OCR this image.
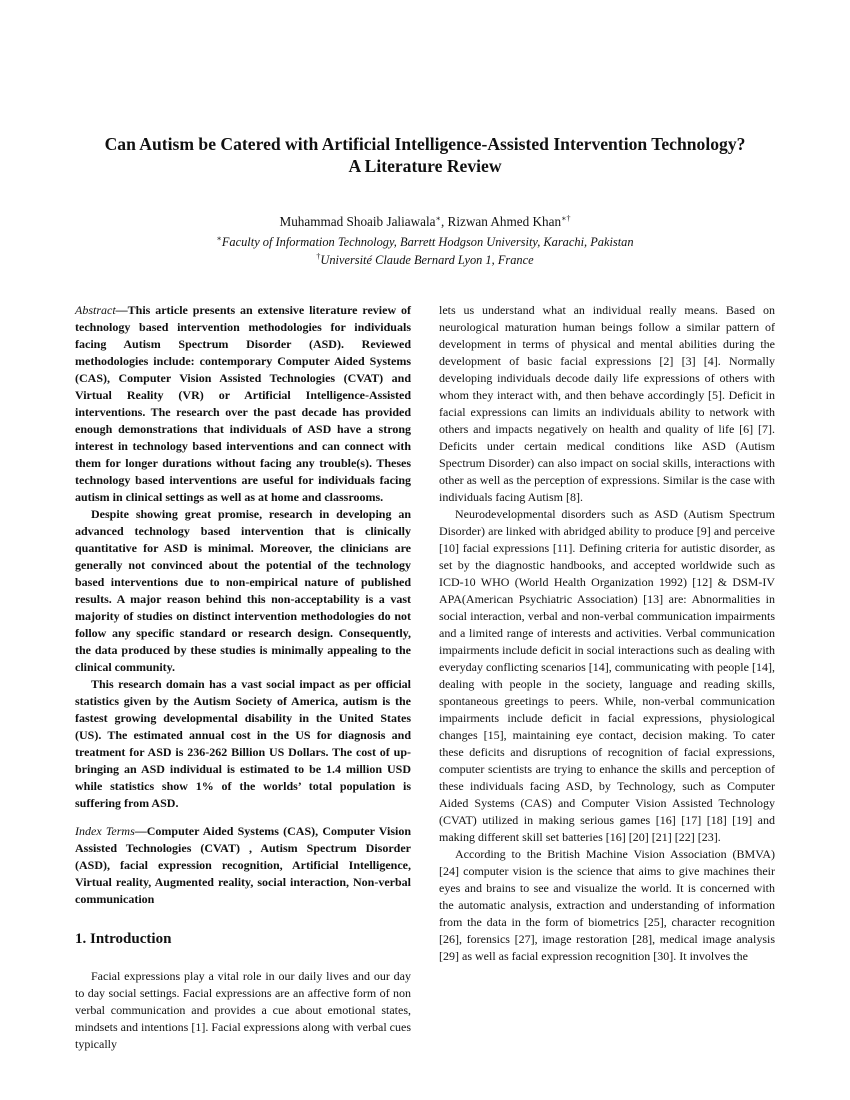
Can Autism be Catered with Artificial Intelligence-Assisted Intervention Technology? A Literature Review
Muhammad Shoaib Jaliawala∗, Rizwan Ahmed Khan∗†
∗Faculty of Information Technology, Barrett Hodgson University, Karachi, Pakistan
†Université Claude Bernard Lyon 1, France

Abstract—This article presents an extensive literature review of technology based intervention methodologies for individuals facing Autism Spectrum Disorder (ASD). Reviewed methodologies include: contemporary Computer Aided Systems (CAS), Computer Vision Assisted Technologies (CVAT) and Virtual Reality (VR) or Artificial Intelligence-Assisted interventions. The research over the past decade has provided enough demonstrations that individuals of ASD have a strong interest in technology based interventions and can connect with them for longer durations without facing any trouble(s). Theses technology based interventions are useful for individuals facing autism in clinical settings as well as at home and classrooms.

Despite showing great promise, research in developing an advanced technology based intervention that is clinically quantitative for ASD is minimal. Moreover, the clinicians are generally not convinced about the potential of the technology based interventions due to non-empirical nature of published results. A major reason behind this non-acceptability is a vast majority of studies on distinct intervention methodologies do not follow any specific standard or research design. Consequently, the data produced by these studies is minimally appealing to the clinical community.

This research domain has a vast social impact as per official statistics given by the Autism Society of America, autism is the fastest growing developmental disability in the United States (US). The estimated annual cost in the US for diagnosis and treatment for ASD is 236-262 Billion US Dollars. The cost of up-bringing an ASD individual is estimated to be 1.4 million USD while statistics show 1% of the worlds’ total population is suffering from ASD.

Index Terms—Computer Aided Systems (CAS), Computer Vision Assisted Technologies (CVAT) , Autism Spectrum Disorder (ASD), facial expression recognition, Artificial Intelligence, Virtual reality, Augmented reality, social interaction, Non-verbal communication

1. Introduction

Facial expressions play a vital role in our daily lives and our day to day social settings. Facial expressions are an affective form of non verbal communication and provides a cue about emotional states, mindsets and intentions [1]. Facial expressions along with verbal cues typically

lets us understand what an individual really means. Based on neurological maturation human beings follow a similar pattern of development in terms of physical and mental abilities during the development of basic facial expressions [2] [3] [4]. Normally developing individuals decode daily life expressions of others with whom they interact with, and then behave accordingly [5]. Deficit in facial expressions can limits an individuals ability to network with others and impacts negatively on health and quality of life [6] [7]. Deficits under certain medical conditions like ASD (Autism Spectrum Disorder) can also impact on social skills, interactions with other as well as the perception of expressions. Similar is the case with individuals facing Autism [8].

Neurodevelopmental disorders such as ASD (Autism Spectrum Disorder) are linked with abridged ability to produce [9] and perceive [10] facial expressions [11]. Defining criteria for autistic disorder, as set by the diagnostic handbooks, and accepted worldwide such as ICD-10 WHO (World Health Organization 1992) [12] & DSM-IV APA(American Psychiatric Association) [13] are: Abnormalities in social interaction, verbal and non-verbal communication impairments and a limited range of interests and activities. Verbal communication impairments include deficit in social interactions such as dealing with everyday conflicting scenarios [14], communicating with people [14], dealing with people in the society, language and reading skills, spontaneous greetings to peers. While, non-verbal communication impairments include deficit in facial expressions, physiological changes [15], maintaining eye contact, decision making. To cater these deficits and disruptions of recognition of facial expressions, computer scientists are trying to enhance the skills and perception of these individuals facing ASD, by Technology, such as Computer Aided Systems (CAS) and Computer Vision Assisted Technology (CVAT) utilized in making serious games [16] [17] [18] [19] and making different skill set batteries [16] [20] [21] [22] [23].

According to the British Machine Vision Association (BMVA) [24] computer vision is the science that aims to give machines their eyes and brains to see and visualize the world. It is concerned with the automatic analysis, extraction and understanding of information from the data in the form of biometrics [25], character recognition [26], forensics [27], image restoration [28], medical image analysis [29] as well as facial expression recognition [30]. It involves the
